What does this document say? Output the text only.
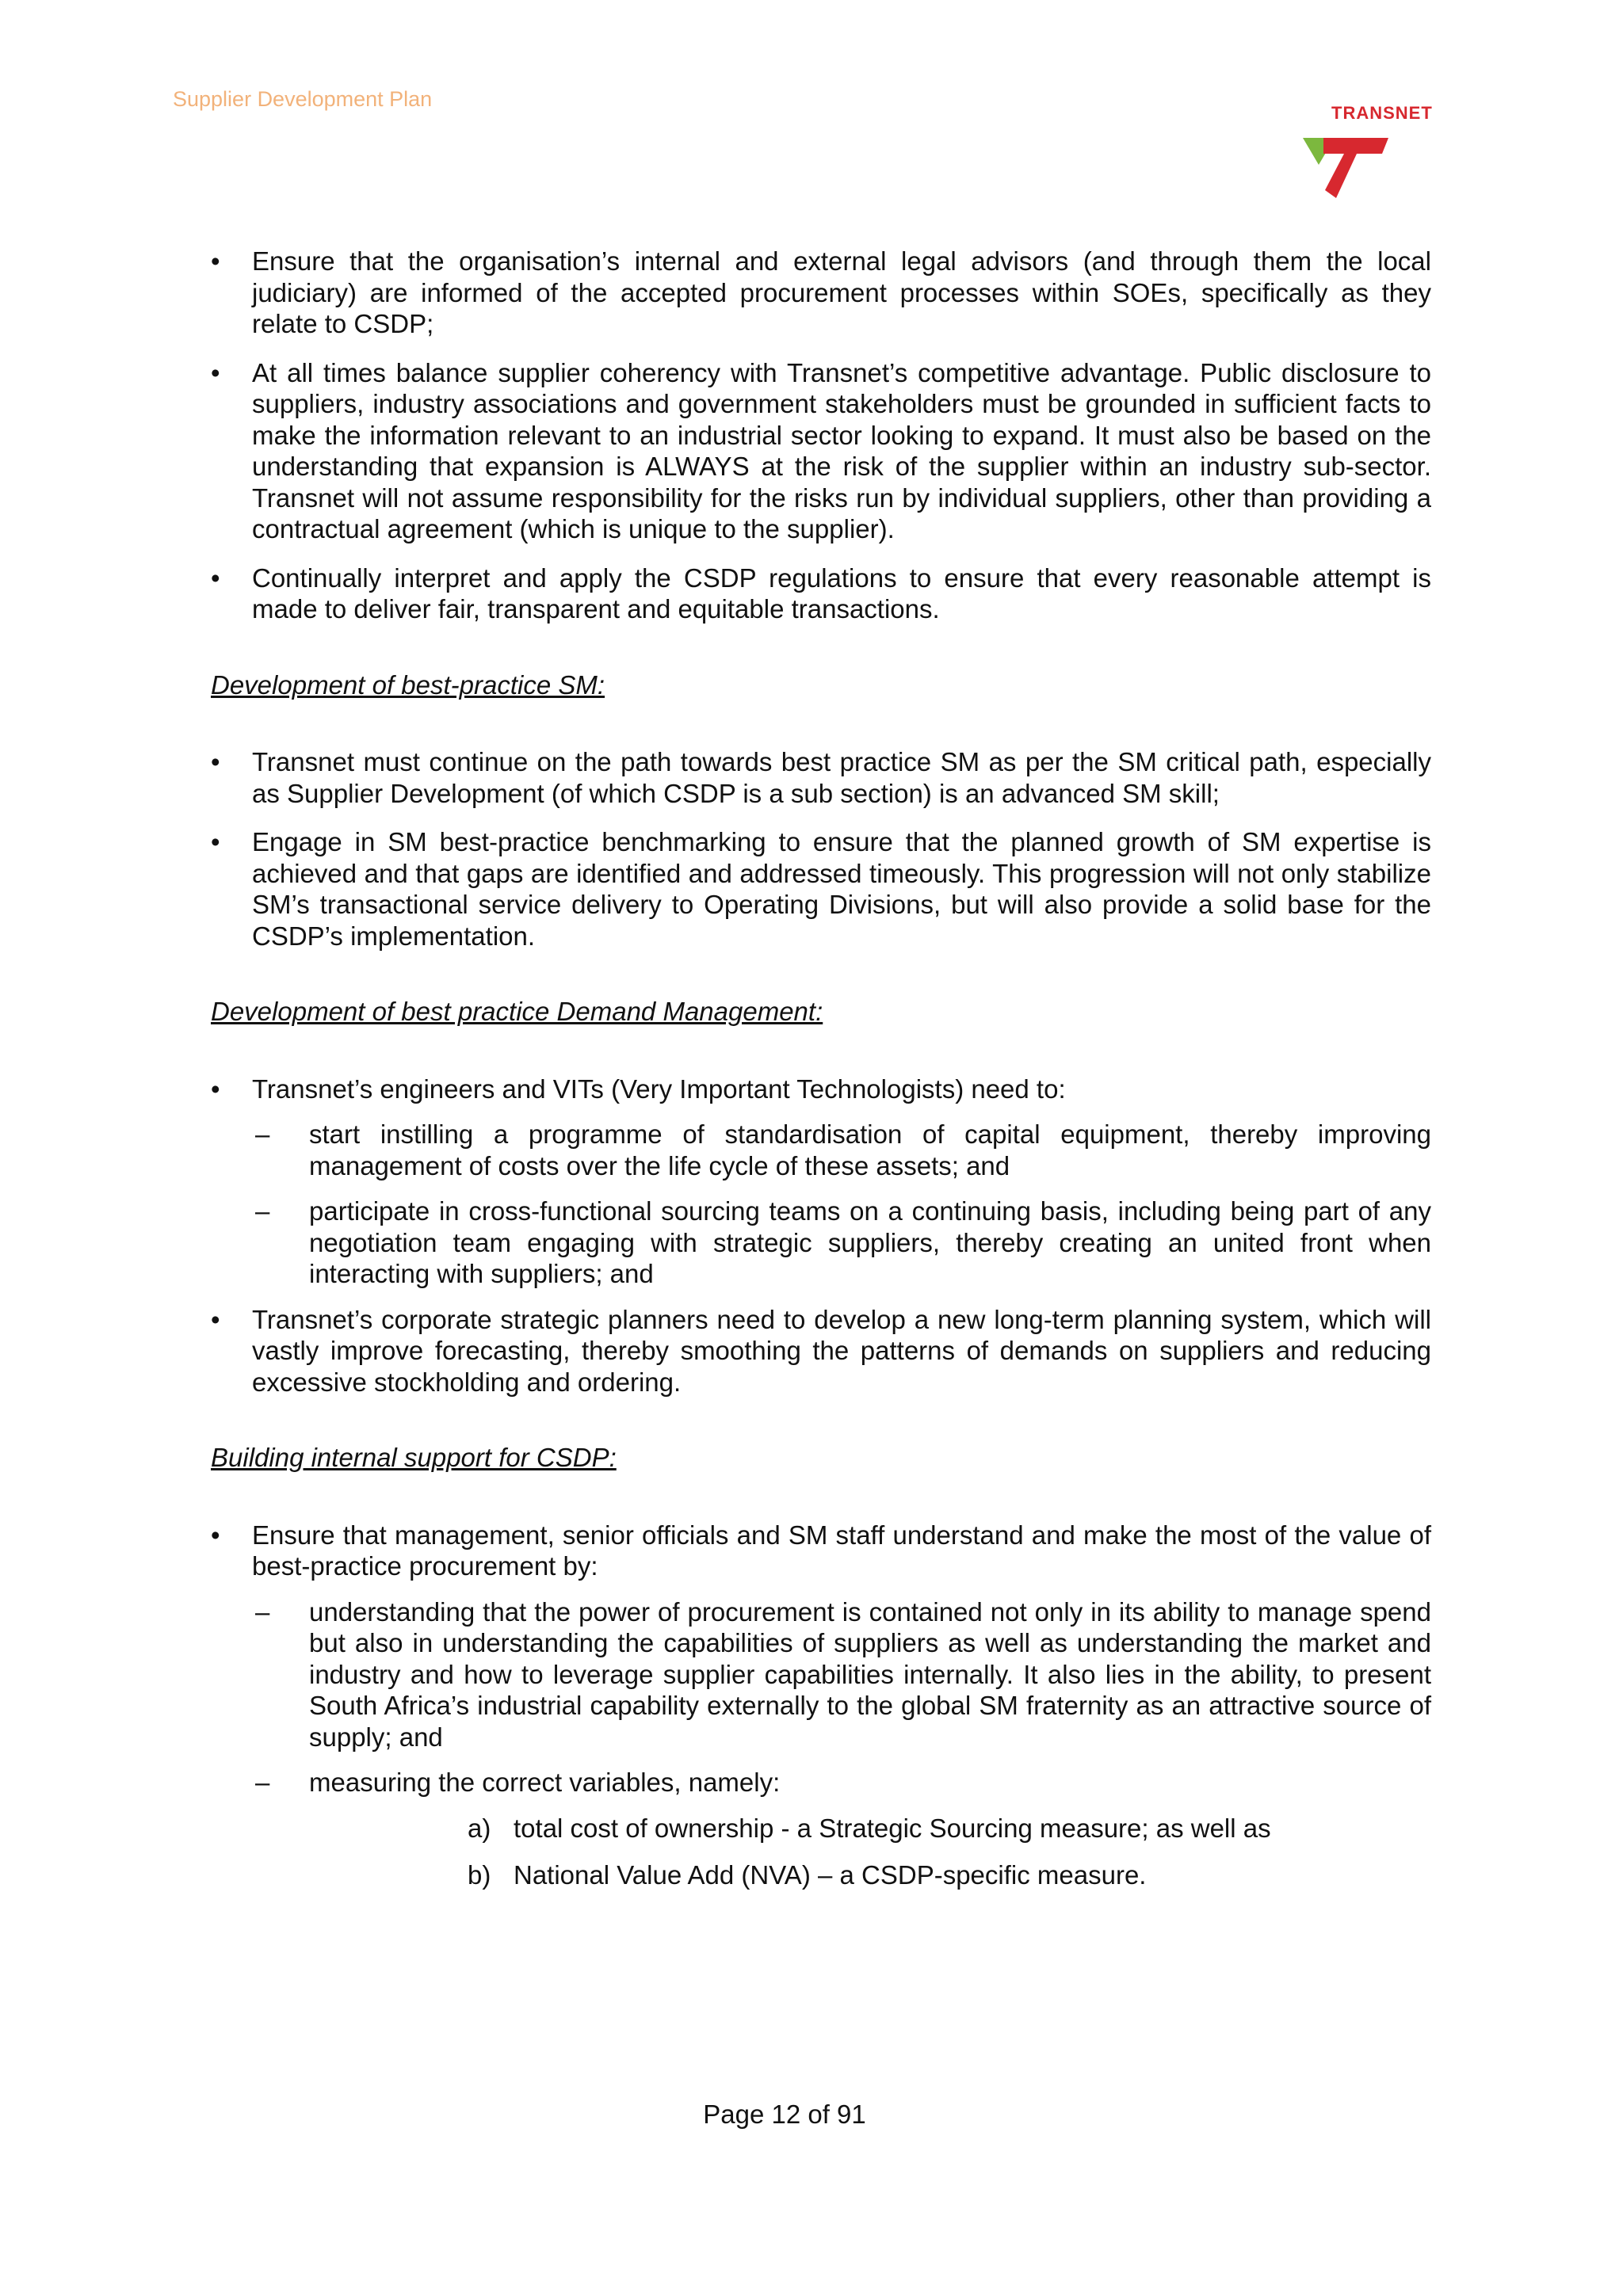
Supplier Development Plan
TRANSNET
• Ensure that the organisation’s internal and external legal advisors (and through them the local judiciary) are informed of the accepted procurement processes within SOEs, specifically as they relate to CSDP;
• At all times balance supplier coherency with Transnet’s competitive advantage. Public disclosure to suppliers, industry associations and government stakeholders must be grounded in sufficient facts to make the information relevant to an industrial sector looking to expand. It must also be based on the understanding that expansion is ALWAYS at the risk of the supplier within an industry sub-sector. Transnet will not assume responsibility for the risks run by individual suppliers, other than providing a contractual agreement (which is unique to the supplier).
• Continually interpret and apply the CSDP regulations to ensure that every reasonable attempt is made to deliver fair, transparent and equitable transactions.
Development of best-practice SM:
• Transnet must continue on the path towards best practice SM as per the SM critical path, especially as Supplier Development (of which CSDP is a sub section) is an advanced SM skill;
• Engage in SM best-practice benchmarking to ensure that the planned growth of SM expertise is achieved and that gaps are identified and addressed timeously. This progression will not only stabilize SM’s transactional service delivery to Operating Divisions, but will also provide a solid base for the CSDP’s implementation.
Development of best practice Demand Management:
• Transnet’s engineers and VITs (Very Important Technologists) need to:
– start instilling a programme of standardisation of capital equipment, thereby improving management of costs over the life cycle of these assets; and
– participate in cross-functional sourcing teams on a continuing basis, including being part of any negotiation team engaging with strategic suppliers, thereby creating an united front when interacting with suppliers; and
• Transnet’s corporate strategic planners need to develop a new long-term planning system, which will vastly improve forecasting, thereby smoothing the patterns of demands on suppliers and reducing excessive stockholding and ordering.
Building internal support for CSDP:
• Ensure that management, senior officials and SM staff understand and make the most of the value of best-practice procurement by:
– understanding that the power of procurement is contained not only in its ability to manage spend but also in understanding the capabilities of suppliers as well as understanding the market and industry and how to leverage supplier capabilities internally. It also lies in the ability, to present South Africa’s industrial capability externally to the global SM fraternity as an attractive source of supply; and
– measuring the correct variables, namely:
a) total cost of ownership - a Strategic Sourcing measure; as well as
b) National Value Add (NVA) – a CSDP-specific measure.
Page 12 of 91
